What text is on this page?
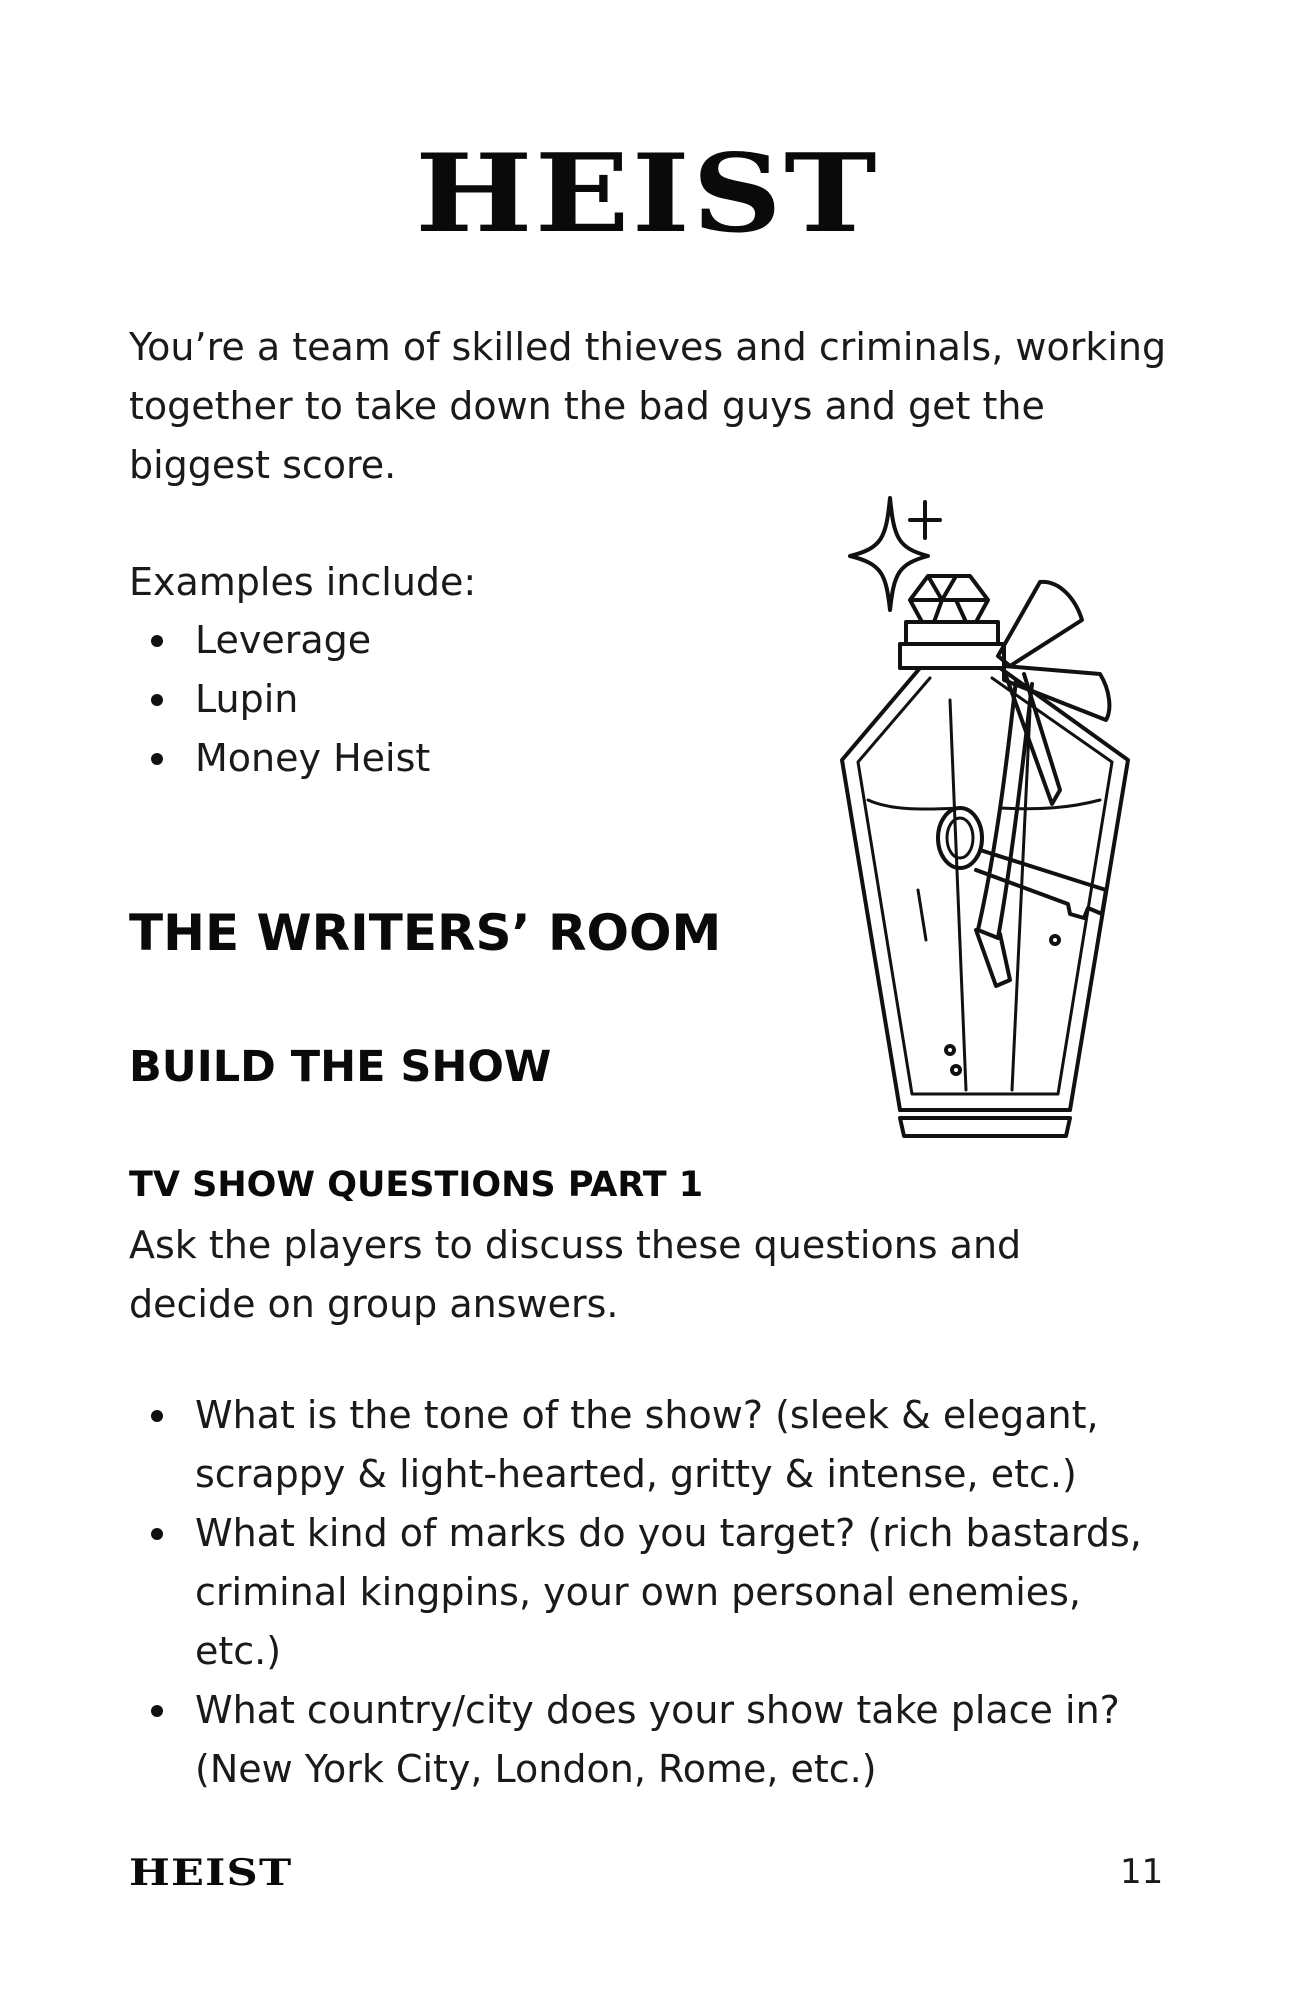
HEIST

You’re a team of skilled thieves and criminals, working together to take down the bad guys and get the biggest score.

Examples include:

Leverage
Lupin
Money Heist
THE WRITERS’ ROOM
BUILD THE SHOW
TV SHOW QUESTIONS PART 1

Ask the players to discuss these questions and decide on group answers.

What is the tone of the show? (sleek & elegant, scrappy & light-hearted, gritty & intense, etc.)
What kind of marks do you target? (rich bastards, criminal kingpins, your own personal enemies, etc.)
What country/city does your show take place in? (New York City, London, Rome, etc.)
HEIST	11
